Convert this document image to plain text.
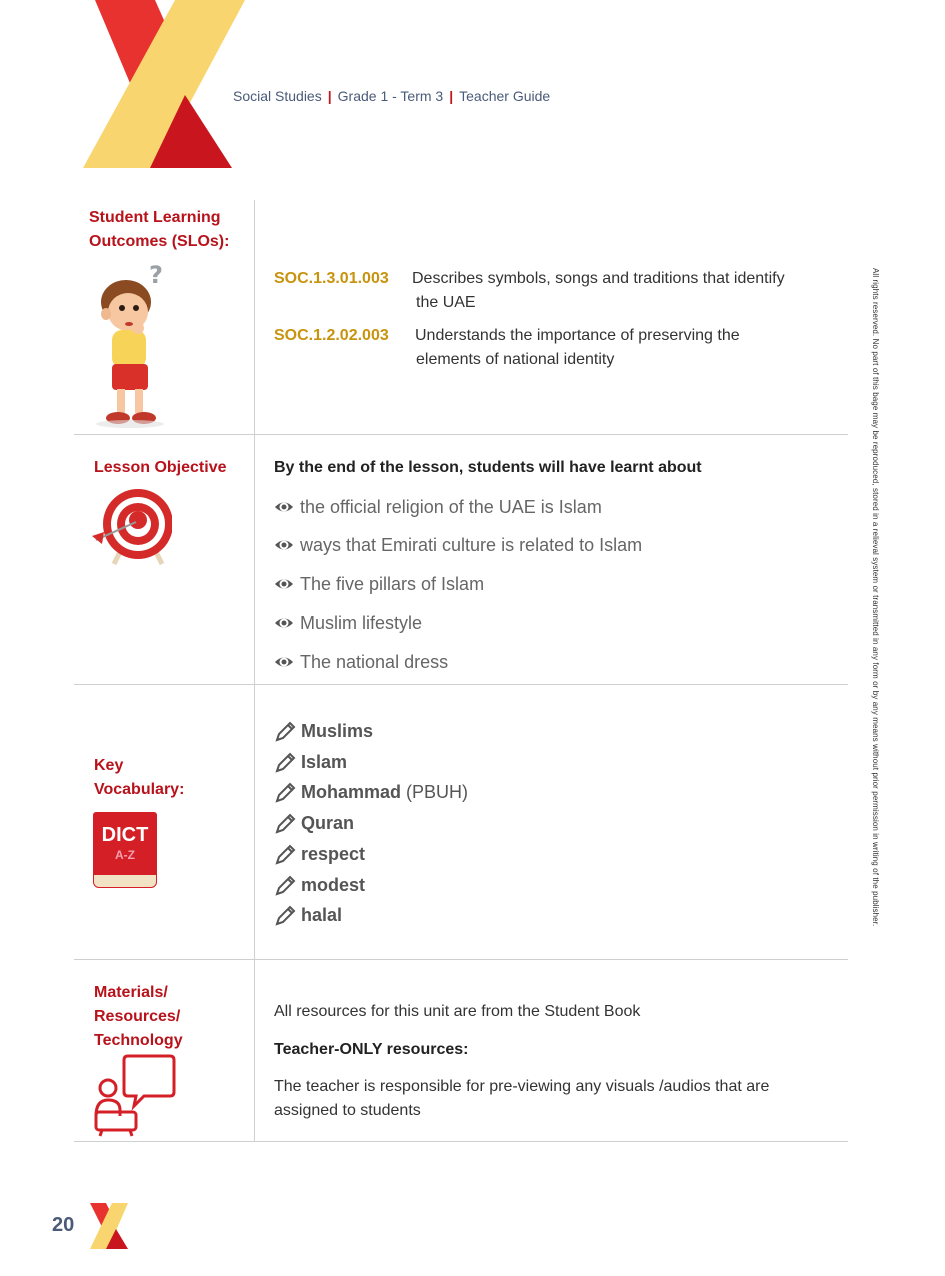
Social Studies | Grade 1 - Term 3 | Teacher Guide
All rights reserved. No part of this bage may be reproduced, stored in a relieval system or transmitted in any form or by any means without prior permission in writing of the publisher.
Student Learning Outcomes (SLOs):
?	SOC.1.3.01.003 Describes symbols, songs and traditions that identify
the UAE
SOC.1.2.02.003 Understands the importance of preserving the
elements of national identity
Lesson Objective	By the end of the lesson, students will have learnt about
the official religion of the UAE is Islam
ways that Emirati culture is related to Islam
The five pillars of Islam
Muslim lifestyle
The national dress
Key
Vocabulary:
DICT
A-Z
Muslims
Islam
Mohammad (PBUH)
Quran
respect
modest
halal
Materials/
Resources/
Technology
All resources for this unit are from the Student Book
Teacher-ONLY resources:
The teacher is responsible for pre-viewing any visuals /audios that are
assigned to students
20
